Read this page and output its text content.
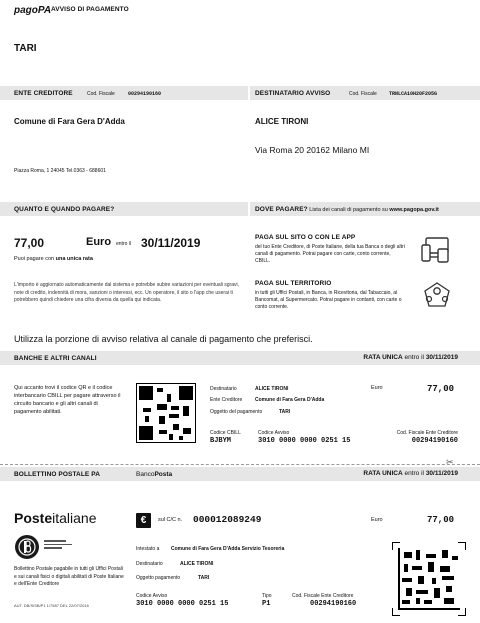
pagoPA AVVISO DI PAGAMENTO
TARI
ENTE CREDITORE	Cod. Fiscale	00294190160	DESTINATARIO AVVISO	Cod. Fiscale TRNLCA10H20F205G
Comune di Fara Gera D'Adda
Piazza Roma, 1 24045 Tel.0363 - 688601
ALICE TIRONI
Via Roma 20 20162 Milano MI
QUANTO E QUANDO PAGARE?	DOVE PAGARE? Lista dei canali di pagamento su www.pagopa.gov.it
77,00	Euro entro il 30/11/2019
Puoi pagare con una unica rata
L'importo è aggiornato automaticamente dal sistema e potrebbe subire variazioni per eventuali sgravi, note di credito, indennità di mora, sanzioni o interessi, ecc. Un operatore, il sito o l'app che userai ti potrebbero quindi chiedere una cifra diversa da quella qui indicata.
PAGA SUL SITO O CON LE APP
del tuo Ente Creditore, di Poste Italiane, della tua Banca o degli altri canali di pagamento. Potrai pagare con carte, conto corrente, CBILL.
PAGA SUL TERRITORIO
in tutti gli Uffici Postali, in Banca, in Ricevitoria, dal Tabaccaio, al Bancomat, al Supermercato. Potrai pagare in contanti, con carte o conto corrente.
Utilizza la porzione di avviso relativa al canale di pagamento che preferisci.
BANCHE E ALTRI CANALI	RATA UNICA entro il 30/11/2019
Qui accanto trovi il codice QR e il codice interbancario CBILL per pagare attraverso il circuito bancario e gli altri canali di pagamento abilitati.
Destinatario	ALICE TIRONI
Ente Creditore	Comune di Fara Gera D'Adda
Oggetto del pagamento	TARI
Euro	77,00
Codice CBILL
BJBYM
Codice Avviso
3010 0000 0000 0251 15
Cod. Fiscale Ente Creditore
00294190160
✂
BOLLETTINO POSTALE PA	BancoPosta	RATA UNICA entro il 30/11/2019
Posteitaliane
Bollettino Postale pagabile in tutti gli Uffici Postali e sui canali fisici o digitali abilitati di Poste Italiane e dell'Ente Creditore
AUT. DB/SISB/P1 1/7587 DEL 22/07/2016
€	sul C/C n. 000012089249	Euro	77,00
Intestato a Comune di Fara Gera D'Adda Servizio Tesoreria
Destinatario	ALICE TIRONI
Oggetto pagamento	TARI
Codice Avviso
3010 0000 0000 0251 15
Tipo
P1
Cod. Fiscale Ente Creditore
00294190160
